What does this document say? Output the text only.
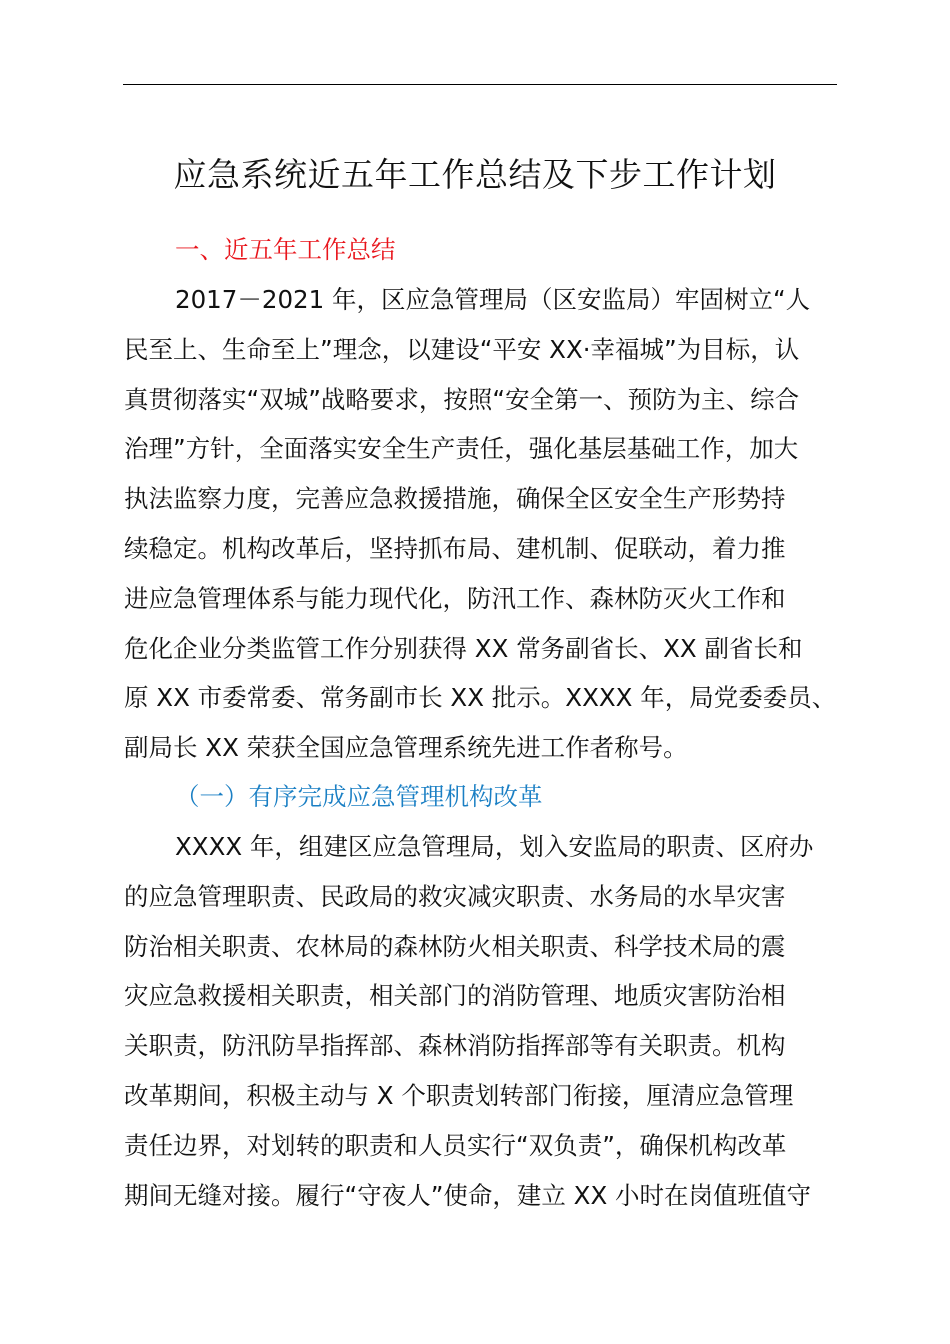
应急系统近五年工作总结及下步工作计划
一、近五年工作总结
2017－2021 年，区应急管理局（区安监局）牢固树立“人
民至上、生命至上”理念，以建设“平安 XX·幸福城”为目标，认
真贯彻落实“双城”战略要求，按照“安全第一、预防为主、综合
治理”方针，全面落实安全生产责任，强化基层基础工作，加大
执法监察力度，完善应急救援措施，确保全区安全生产形势持
续稳定。机构改革后，坚持抓布局、建机制、促联动，着力推
进应急管理体系与能力现代化，防汛工作、森林防灭火工作和
危化企业分类监管工作分别获得 XX 常务副省长、XX 副省长和
原 XX 市委常委、常务副市长 XX 批示。XXXX 年，局党委委员、
副局长 XX 荣获全国应急管理系统先进工作者称号。
（一）有序完成应急管理机构改革
XXXX 年，组建区应急管理局，划入安监局的职责、区府办
的应急管理职责、民政局的救灾减灾职责、水务局的水旱灾害
防治相关职责、农林局的森林防火相关职责、科学技术局的震
灾应急救援相关职责，相关部门的消防管理、地质灾害防治相
关职责，防汛防旱指挥部、森林消防指挥部等有关职责。机构
改革期间，积极主动与 X 个职责划转部门衔接，厘清应急管理
责任边界，对划转的职责和人员实行“双负责”，确保机构改革
期间无缝对接。履行“守夜人”使命，建立 XX 小时在岗值班值守
